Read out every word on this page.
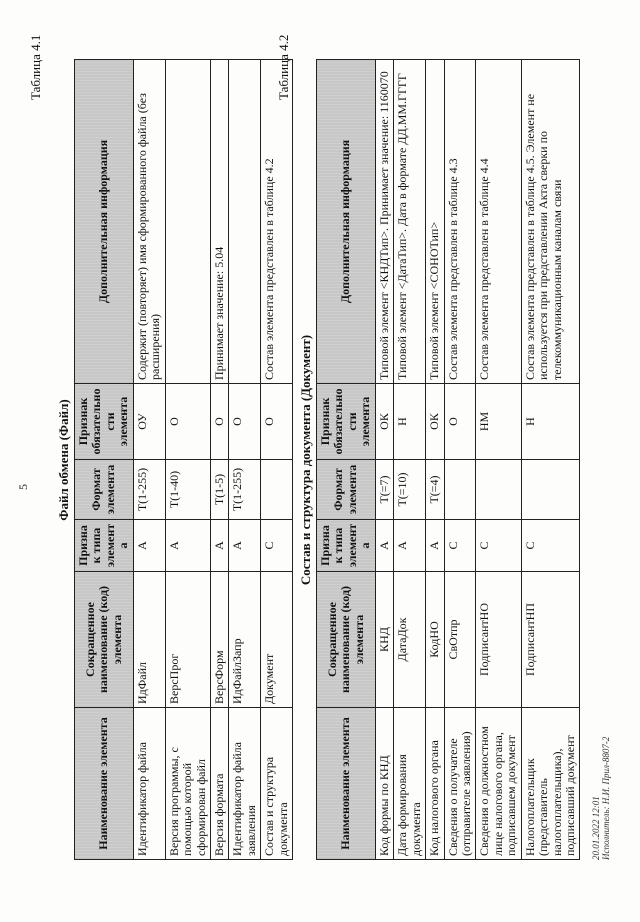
5
Таблица 4.1
Файл обмена (Файл)
Наименование элемента	Сокращенное наименование (код) элемента	Признак типа элемента	Формат элемента	Признак обязательности элемента	Дополнительная информация
Идентификатор файла	ИдФайл	А	T(1-255)	ОУ	Содержит (повторяет) имя сформированного файла (без расширения)
Версия программы, с помощью которой сформирован файл	ВерсПрог	А	T(1-40)	О	
Версия формата	ВерсФорм	А	T(1-5)	О	Принимает значение: 5.04
Идентификатор файла заявления	ИдФайлЗапр	А	T(1-255)	О	
Состав и структура документа	Документ	С		О	Состав элемента представлен в таблице 4.2
Таблица 4.2
Состав и структура документа (Документ)
Наименование элемента	Сокращенное наименование (код) элемента	Признак типа элемента	Формат элемента	Признак обязательности элемента	Дополнительная информация
Код формы по КНД	КНД	А	T(=7)	ОК	Типовой элемент <КНДТип>. Принимает значение: 1160070
Дата формирования документа	ДатаДок	А	T(=10)	Н	Типовой элемент <ДатаТип>. Дата в формате ДД.ММ.ГГГГ
Код налогового органа	КодНО	А	T(=4)	ОК	Типовой элемент <СОНОТип>
Сведения о получателе (отправителе заявления)	СвОтпр	С		О	Состав элемента представлен в таблице 4.3
Сведения о должностном лице налогового органа, подписавшем документ	ПодписантНО	С		НМ	Состав элемента представлен в таблице 4.4
Налогоплательщик (представитель налогоплательщика), подписавший документ	ПодписантНП	С		Н	Состав элемента представлен в таблице 4.5. Элемент не используется при представлении Акта сверки по телекоммуникационным каналам связи
20.01.2022 12:01 Исполнитель: Н.И. Прил-8807-2
